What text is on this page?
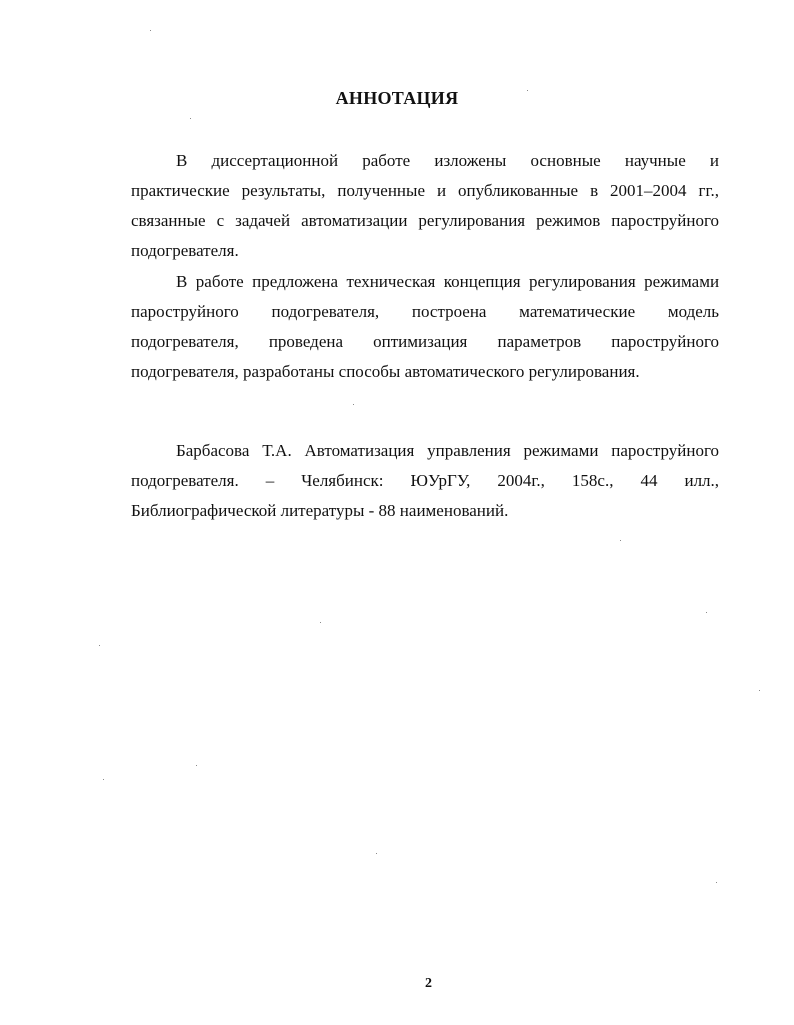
АННОТАЦИЯ
В диссертационной работе изложены основные научные и
практические результаты, полученные и опубликованные в 2001–2004 гг.,
связанные с задачей автоматизации регулирования режимов пароструйного
подогревателя.
В работе предложена техническая концепция регулирования режимами
пароструйного подогревателя, построена математические модель
подогревателя, проведена оптимизация параметров пароструйного
подогревателя, разработаны способы автоматического регулирования.
Барбасова Т.А. Автоматизация управления режимами пароструйного
подогревателя. – Челябинск: ЮУрГУ, 2004г., 158с., 44 илл.,
Библиографической литературы - 88 наименований.
2
